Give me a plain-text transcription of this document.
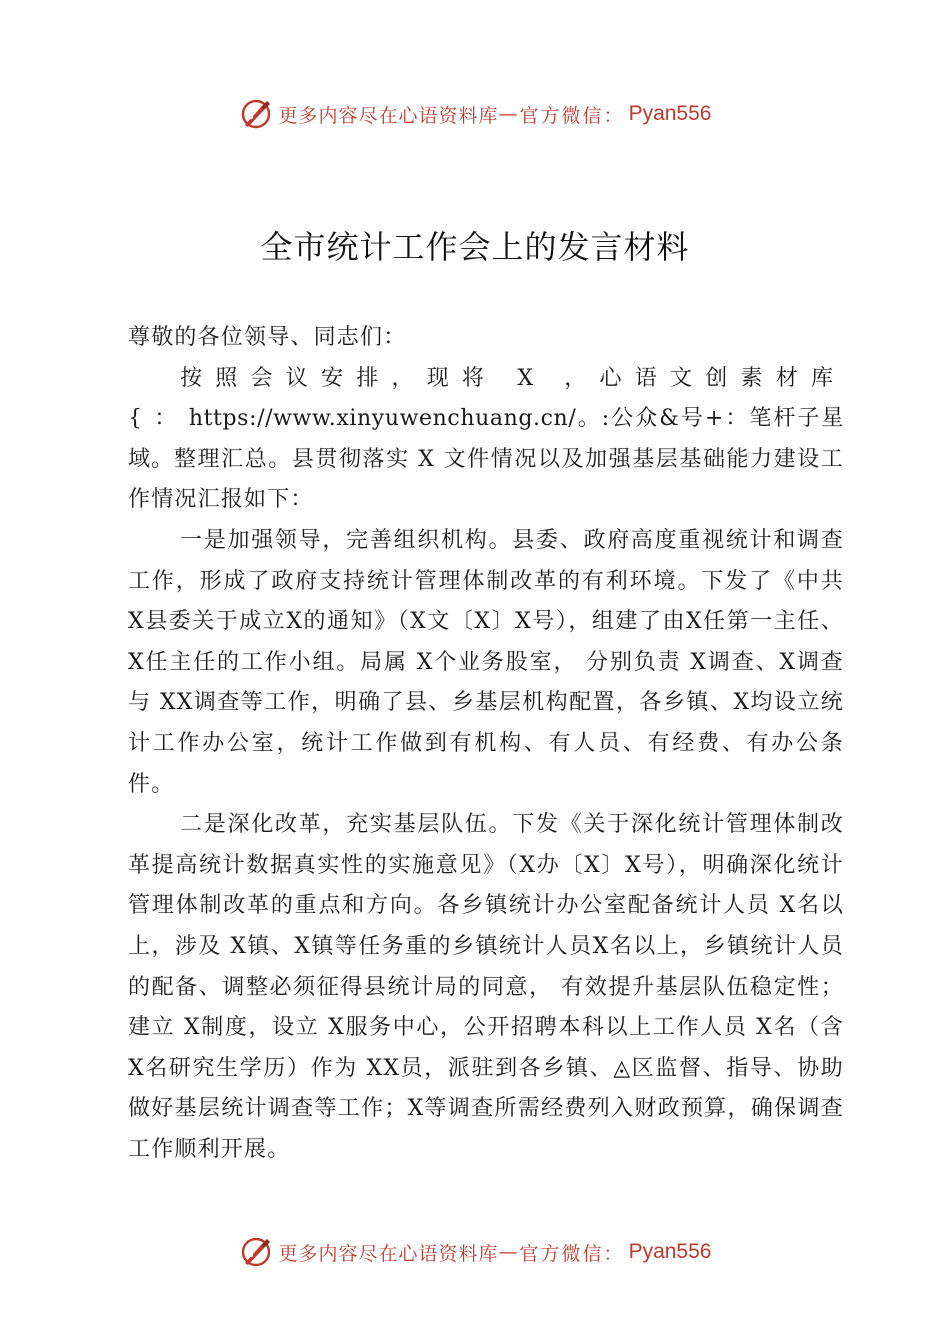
更多内容尽在心语资料库 — 官方微信： Pyan556
全市统计工作会上的发言材料

尊敬的各位领导、同志们：

按照会议安排，现将 X ，心语文创素材库{：https://www.xinyuwenchuang.cn/。:公众&号+：笔杆子星域。整理汇总。县贯彻落实 X 文件情况以及加强基层基础能力建设工作情况汇报如下：

一是加强领导，完善组织机构。县委、政府高度重视统计和调查工作，形成了政府支持统计管理体制改革的有利环境。下发了《中共 X县委关于成立X的通知》（X文〔X〕X号），组建了由X任第一主任、X任主任的工作小组。局属 X个业务股室， 分别负责 X调查、X调查与 XX调查等工作，明确了县、乡基层机构配置，各乡镇、X均设立统计工作办公室，统计工作做到有机构、有人员、有经费、有办公条件。

二是深化改革，充实基层队伍。下发《关于深化统计管理体制改革提高统计数据真实性的实施意见》（X办〔X〕X号），明确深化统计管理体制改革的重点和方向。各乡镇统计办公室配备统计人员 X名以上，涉及 X镇、X镇等任务重的乡镇统计人员X名以上，乡镇统计人员的配备、调整必须征得县统计局的同意， 有效提升基层队伍稳定性；建立 X制度，设立 X服务中心，公开招聘本科以上工作人员 X名（含 X名研究生学历）作为 XX员，派驻到各乡镇、◬区监督、指导、协助做好基层统计调查等工作；X等调查所需经费列入财政预算，确保调查工作顺利开展。

更多内容尽在心语资料库 — 官方微信： Pyan556
